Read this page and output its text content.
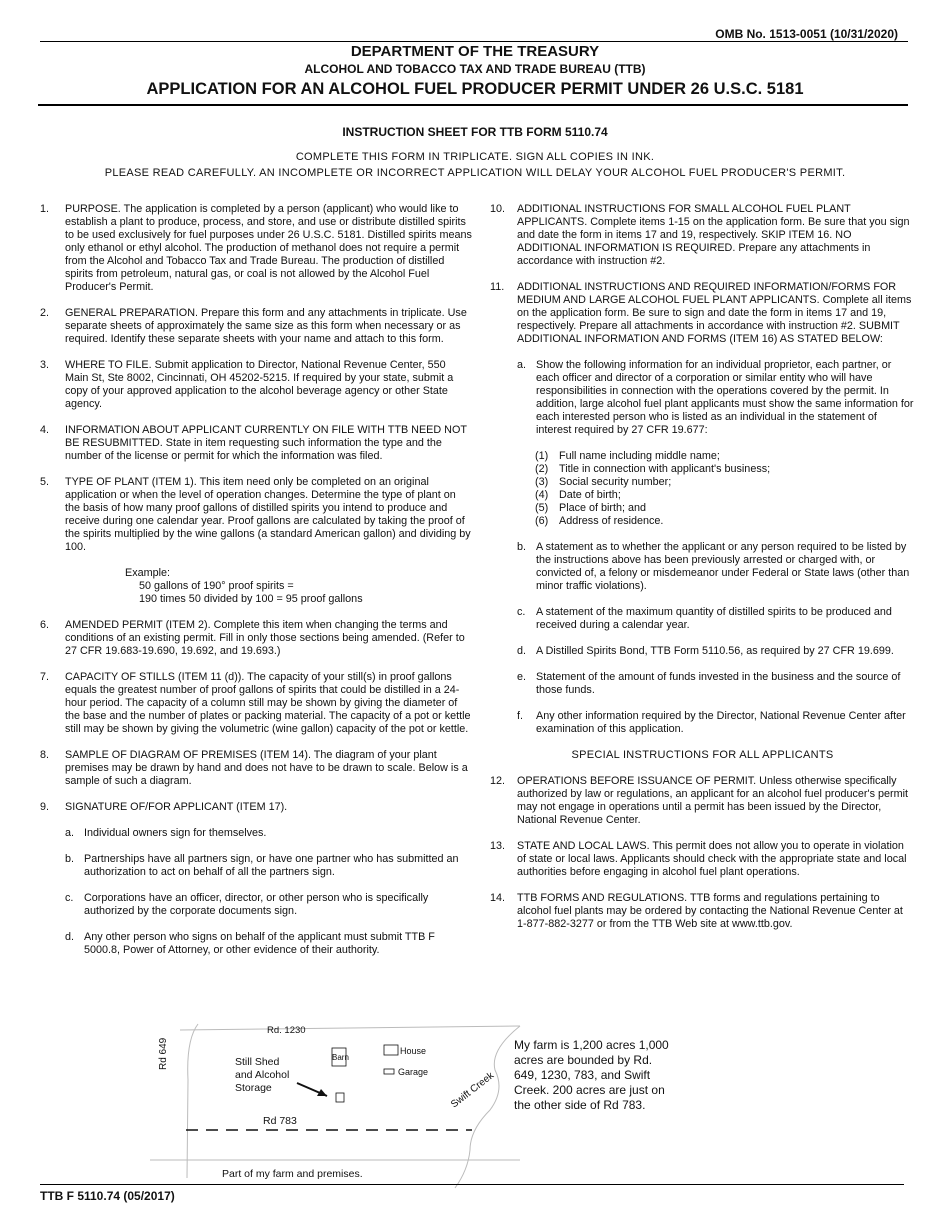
OMB No. 1513-0051 (10/31/2020)
DEPARTMENT OF THE TREASURY
ALCOHOL AND TOBACCO TAX AND TRADE BUREAU (TTB)
APPLICATION FOR AN ALCOHOL FUEL PRODUCER PERMIT UNDER 26 U.S.C. 5181
INSTRUCTION SHEET FOR TTB FORM 5110.74
COMPLETE THIS FORM IN TRIPLICATE. SIGN ALL COPIES IN INK.
PLEASE READ CAREFULLY. AN INCOMPLETE OR INCORRECT APPLICATION WILL DELAY YOUR ALCOHOL FUEL PRODUCER'S PERMIT.
1. PURPOSE. The application is completed by a person (applicant) who would like to establish a plant to produce, process, and store, and use or distribute distilled spirits to be used exclusively for fuel purposes under 26 U.S.C. 5181. Distilled spirits means only ethanol or ethyl alcohol. The production of methanol does not require a permit from the Alcohol and Tobacco Tax and Trade Bureau. The production of distilled spirits from petroleum, natural gas, or coal is not allowed by the Alcohol Fuel Producer's Permit.
2. GENERAL PREPARATION. Prepare this form and any attachments in triplicate. Use separate sheets of approximately the same size as this form when necessary or as required. Identify these separate sheets with your name and attach to this form.
3. WHERE TO FILE. Submit application to Director, National Revenue Center, 550 Main St, Ste 8002, Cincinnati, OH 45202-5215. If required by your state, submit a copy of your approved application to the alcohol beverage agency or other State agency.
4. INFORMATION ABOUT APPLICANT CURRENTLY ON FILE WITH TTB NEED NOT BE RESUBMITTED. State in item requesting such information the type and the number of the license or permit for which the information was filed.
5. TYPE OF PLANT (ITEM 1). This item need only be completed on an original application or when the level of operation changes. Determine the type of plant on the basis of how many proof gallons of distilled spirits you intend to produce and receive during one calendar year. Proof gallons are calculated by taking the proof of the spirits multiplied by the wine gallons (a standard American gallon) and dividing by 100.
Example:
50 gallons of 190° proof spirits =
190 times 50 divided by 100 = 95 proof gallons
6. AMENDED PERMIT (ITEM 2). Complete this item when changing the terms and conditions of an existing permit. Fill in only those sections being amended. (Refer to 27 CFR 19.683-19.690, 19.692, and 19.693.)
7. CAPACITY OF STILLS (ITEM 11 (d)). The capacity of your still(s) in proof gallons equals the greatest number of proof gallons of spirits that could be distilled in a 24-hour period. The capacity of a column still may be shown by giving the diameter of the base and the number of plates or packing material. The capacity of a pot or kettle still may be shown by giving the volumetric (wine gallon) capacity of the pot or kettle.
8. SAMPLE OF DIAGRAM OF PREMISES (ITEM 14). The diagram of your plant premises may be drawn by hand and does not have to be drawn to scale. Below is a sample of such a diagram.
9. SIGNATURE OF/FOR APPLICANT (ITEM 17).
a. Individual owners sign for themselves.
b. Partnerships have all partners sign, or have one partner who has submitted an authorization to act on behalf of all the partners sign.
c. Corporations have an officer, director, or other person who is specifically authorized by the corporate documents sign.
d. Any other person who signs on behalf of the applicant must submit TTB F 5000.8, Power of Attorney, or other evidence of their authority.
10. ADDITIONAL INSTRUCTIONS FOR SMALL ALCOHOL FUEL PLANT APPLICANTS. Complete items 1-15 on the application form. Be sure that you sign and date the form in items 17 and 19, respectively. SKIP ITEM 16. NO ADDITIONAL INFORMATION IS REQUIRED. Prepare any attachments in accordance with instruction #2.
11. ADDITIONAL INSTRUCTIONS AND REQUIRED INFORMATION/FORMS FOR MEDIUM AND LARGE ALCOHOL FUEL PLANT APPLICANTS. Complete all items on the application form. Be sure to sign and date the form in items 17 and 19, respectively. Prepare all attachments in accordance with instruction #2. SUBMIT ADDITIONAL INFORMATION AND FORMS (ITEM 16) AS STATED BELOW:
a. Show the following information for an individual proprietor, each partner, or each officer and director of a corporation or similar entity who will have responsibilities in connection with the operations covered by the permit. In addition, large alcohol fuel plant applicants must show the same information for each interested person who is listed as an individual in the statement of interest required by 27 CFR 19.677:
(1) Full name including middle name;
(2) Title in connection with applicant's business;
(3) Social security number;
(4) Date of birth;
(5) Place of birth; and
(6) Address of residence.
b. A statement as to whether the applicant or any person required to be listed by the instructions above has been previously arrested or charged with, or convicted of, a felony or misdemeanor under Federal or State laws (other than minor traffic violations).
c. A statement of the maximum quantity of distilled spirits to be produced and received during a calendar year.
d. A Distilled Spirits Bond, TTB Form 5110.56, as required by 27 CFR 19.699.
e. Statement of the amount of funds invested in the business and the source of those funds.
f. Any other information required by the Director, National Revenue Center after examination of this application.
SPECIAL INSTRUCTIONS FOR ALL APPLICANTS
12. OPERATIONS BEFORE ISSUANCE OF PERMIT. Unless otherwise specifically authorized by law or regulations, an applicant for an alcohol fuel producer's permit may not engage in operations until a permit has been issued by the Director, National Revenue Center.
13. STATE AND LOCAL LAWS. This permit does not allow you to operate in violation of state or local laws. Applicants should check with the appropriate state and local authorities before engaging in alcohol fuel plant operations.
14. TTB FORMS AND REGULATIONS. TTB forms and regulations pertaining to alcohol fuel plants may be ordered by contacting the National Revenue Center at 1-877-882-3277 or from the TTB Web site at www.ttb.gov.
Rd. 1230
Rd 649
Rd 783
Still Shed and Alcohol Storage
Barn
House
Garage Swift Creek
Part of my farm and premises.
My farm is 1,200 acres 1,000 acres are bounded by Rd. 649, 1230, 783, and Swift Creek. 200 acres are just on the other side of Rd 783.
TTB F 5110.74 (05/2017)
